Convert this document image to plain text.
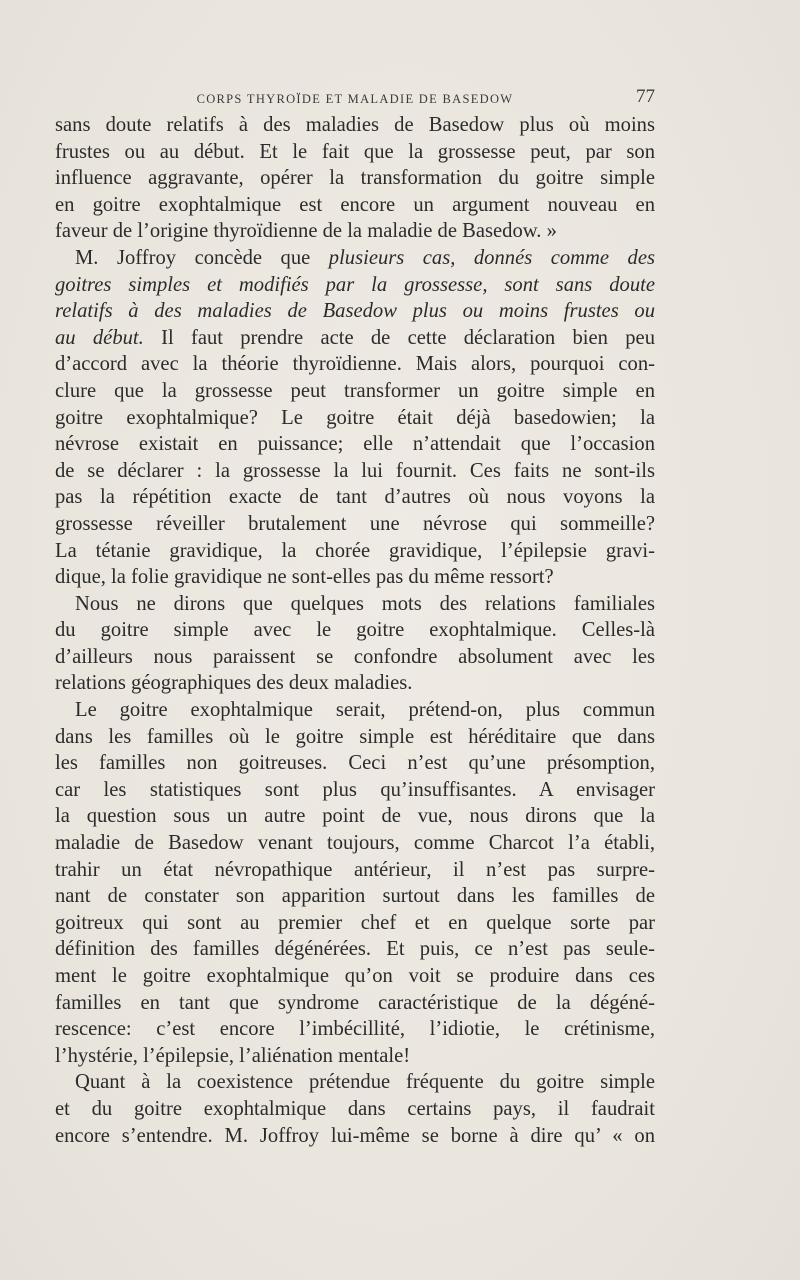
CORPS THYROÏDE ET MALADIE DE BASEDOW	77
sans doute relatifs à des maladies de Basedow plus où moins
frustes ou au début. Et le fait que la grossesse peut, par son
influence aggravante, opérer la transformation du goitre simple
en goitre exophtalmique est encore un argument nouveau en
faveur de l’origine thyroïdienne de la maladie de Basedow. »
M. Joffroy concède que plusieurs cas, donnés comme des
goitres simples et modifiés par la grossesse, sont sans doute
relatifs à des maladies de Basedow plus ou moins frustes ou
au début. Il faut prendre acte de cette déclaration bien peu
d’accord avec la théorie thyroïdienne. Mais alors, pourquoi con-
clure que la grossesse peut transformer un goitre simple en
goitre exophtalmique? Le goitre était déjà basedowien; la
névrose existait en puissance; elle n’attendait que l’occasion
de se déclarer : la grossesse la lui fournit. Ces faits ne sont-ils
pas la répétition exacte de tant d’autres où nous voyons la
grossesse réveiller brutalement une névrose qui sommeille?
La tétanie gravidique, la chorée gravidique, l’épilepsie gravi-
dique, la folie gravidique ne sont-elles pas du même ressort?
Nous ne dirons que quelques mots des relations familiales
du goitre simple avec le goitre exophtalmique. Celles-là
d’ailleurs nous paraissent se confondre absolument avec les
relations géographiques des deux maladies.
Le goitre exophtalmique serait, prétend-on, plus commun
dans les familles où le goitre simple est héréditaire que dans
les familles non goitreuses. Ceci n’est qu’une présomption,
car les statistiques sont plus qu’insuffisantes. A envisager
la question sous un autre point de vue, nous dirons que la
maladie de Basedow venant toujours, comme Charcot l’a établi,
trahir un état névropathique antérieur, il n’est pas surpre-
nant de constater son apparition surtout dans les familles de
goitreux qui sont au premier chef et en quelque sorte par
définition des familles dégénérées. Et puis, ce n’est pas seule-
ment le goitre exophtalmique qu’on voit se produire dans ces
familles en tant que syndrome caractéristique de la dégéné-
rescence: c’est encore l’imbécillité, l’idiotie, le crétinisme,
l’hystérie, l’épilepsie, l’aliénation mentale!
Quant à la coexistence prétendue fréquente du goitre simple
et du goitre exophtalmique dans certains pays, il faudrait
encore s’entendre. M. Joffroy lui-même se borne à dire qu’ « on
